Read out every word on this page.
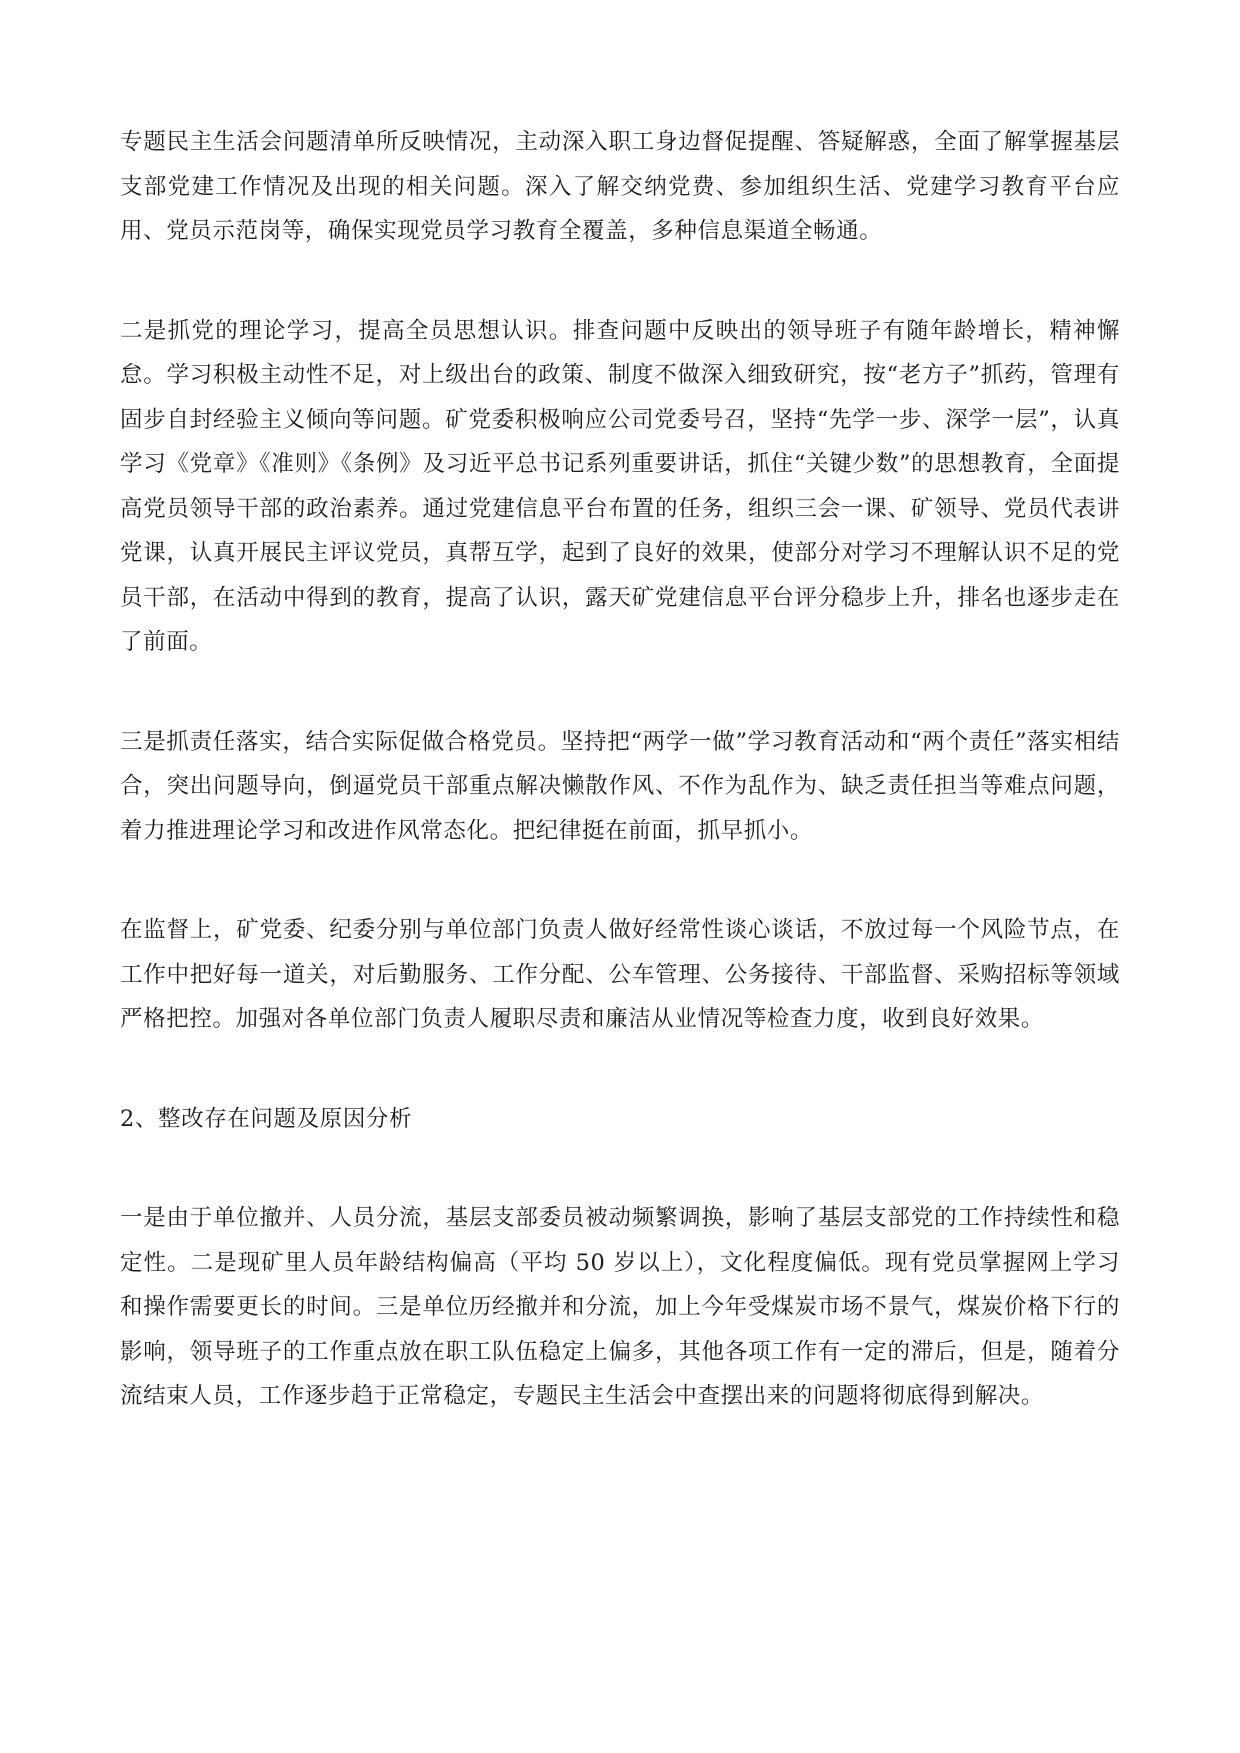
专题民主生活会问题清单所反映情况，主动深入职工身边督促提醒、答疑解惑，全面了解掌握基层支部党建工作情况及出现的相关问题。深入了解交纳党费、参加组织生活、党建学习教育平台应用、党员示范岗等，确保实现党员学习教育全覆盖，多种信息渠道全畅通。

二是抓党的理论学习，提高全员思想认识。排查问题中反映出的领导班子有随年龄增长，精神懈怠。学习积极主动性不足，对上级出台的政策、制度不做深入细致研究，按“老方子”抓药，管理有固步自封经验主义倾向等问题。矿党委积极响应公司党委号召，坚持“先学一步、深学一层”，认真学习《党章》《准则》《条例》及习近平总书记系列重要讲话，抓住“关键少数”的思想教育，全面提高党员领导干部的政治素养。通过党建信息平台布置的任务，组织三会一课、矿领导、党员代表讲党课，认真开展民主评议党员，真帮互学，起到了良好的效果，使部分对学习不理解认识不足的党员干部，在活动中得到的教育，提高了认识，露天矿党建信息平台评分稳步上升，排名也逐步走在了前面。

三是抓责任落实，结合实际促做合格党员。坚持把“两学一做”学习教育活动和“两个责任”落实相结合，突出问题导向，倒逼党员干部重点解决懒散作风、不作为乱作为、缺乏责任担当等难点问题，着力推进理论学习和改进作风常态化。把纪律挺在前面，抓早抓小。

在监督上，矿党委、纪委分别与单位部门负责人做好经常性谈心谈话，不放过每一个风险节点，在工作中把好每一道关，对后勤服务、工作分配、公车管理、公务接待、干部监督、采购招标等领域严格把控。加强对各单位部门负责人履职尽责和廉洁从业情况等检查力度，收到良好效果。

2、整改存在问题及原因分析

一是由于单位撤并、人员分流，基层支部委员被动频繁调换，影响了基层支部党的工作持续性和稳定性。二是现矿里人员年龄结构偏高（平均 50 岁以上），文化程度偏低。现有党员掌握网上学习和操作需要更长的时间。三是单位历经撤并和分流，加上今年受煤炭市场不景气，煤炭价格下行的影响，领导班子的工作重点放在职工队伍稳定上偏多，其他各项工作有一定的滞后，但是，随着分流结束人员，工作逐步趋于正常稳定，专题民主生活会中查摆出来的问题将彻底得到解决。
